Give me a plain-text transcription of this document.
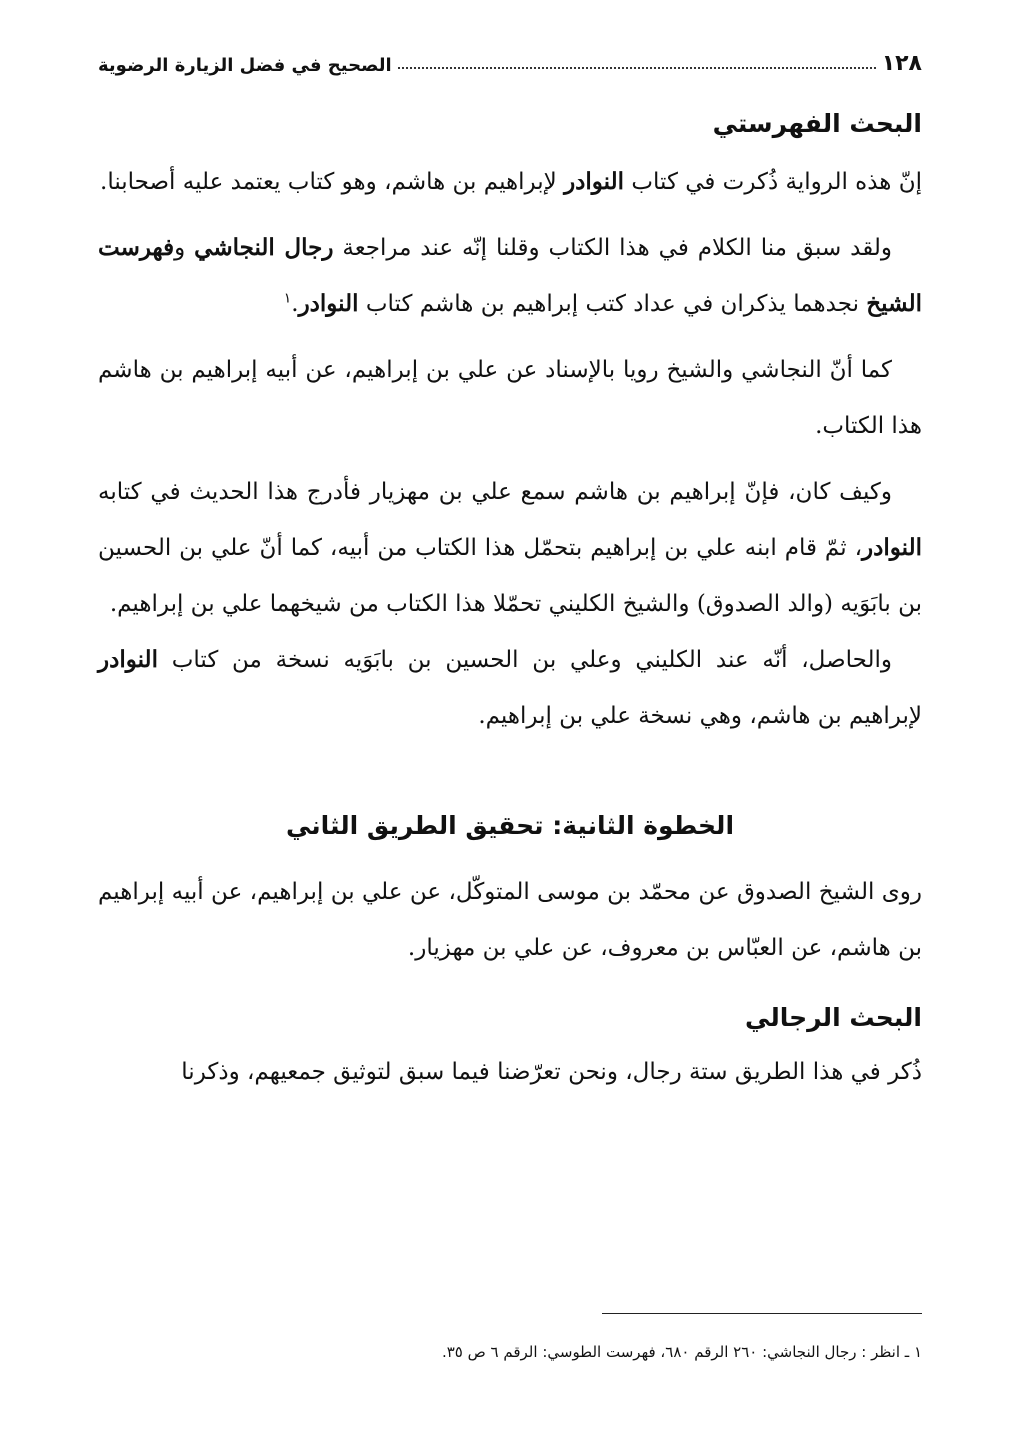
١٢٨
الصحيح في فضل الزيارة الرضوية
البحث الفهرستي

إنّ هذه الرواية ذُكرت في كتاب النوادر لإبراهيم بن هاشم، وهو كتاب يعتمد عليه أصحابنا.

ولقد سبق منا الكلام في هذا الكتاب وقلنا إنّه عند مراجعة رجال النجاشي وفهرست الشيخ نجدهما يذكران في عداد كتب إبراهيم بن هاشم كتاب النوادر.$^١$

كما أنّ النجاشي والشيخ رويا بالإسناد عن علي بن إبراهيم، عن أبيه إبراهيم بن هاشم هذا الكتاب.

وكيف كان، فإنّ إبراهيم بن هاشم سمع علي بن مهزيار فأدرج هذا الحديث في كتابه النوادر، ثمّ قام ابنه علي بن إبراهيم بتحمّل هذا الكتاب من أبيه، كما أنّ علي بن الحسين بن بابَوَيه (والد الصدوق) والشيخ الكليني تحمّلا هذا الكتاب من شيخهما علي بن إبراهيم.

والحاصل، أنّه عند الكليني وعلي بن الحسين بن بابَوَيه نسخة من كتاب النوادر لإبراهيم بن هاشم، وهي نسخة علي بن إبراهيم.

الخطوة الثانية: تحقيق الطريق الثاني

روى الشيخ الصدوق عن محمّد بن موسى المتوكّل، عن علي بن إبراهيم، عن أبيه إبراهيم بن هاشم، عن العبّاس بن معروف، عن علي بن مهزيار.

البحث الرجالي

ذُكر في هذا الطريق ستة رجال، ونحن تعرّضنا فيما سبق لتوثيق جمعيهم، وذكرنا

١ ـ انظر : رجال النجاشي: ٢٦٠ الرقم ٦٨٠، فهرست الطوسي: الرقم ٦ ص ٣٥.
